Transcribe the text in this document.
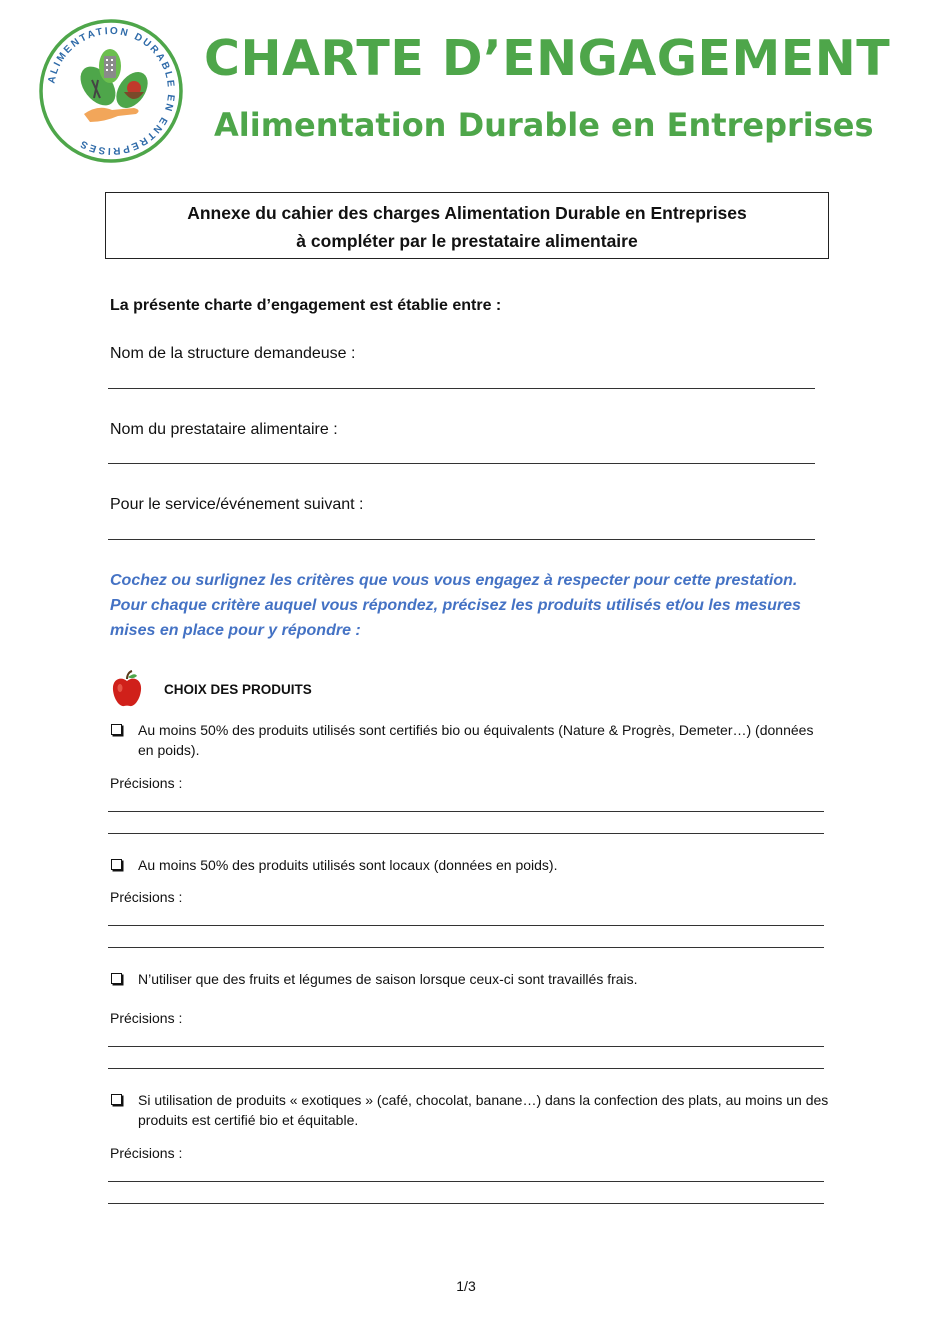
ALIMENTATION DURABLE EN ENTREPRISES
CHARTE D’ENGAGEMENT
Alimentation Durable en Entreprises
Annexe du cahier des charges Alimentation Durable en Entreprises
à compléter par le prestataire alimentaire
La présente charte d’engagement est établie entre :
Nom de la structure demandeuse :
Nom du prestataire alimentaire :
Pour le service/événement suivant :
Cochez ou surlignez les critères que vous vous engagez à respecter pour cette prestation. Pour chaque critère auquel vous répondez, précisez les produits utilisés et/ou les mesures mises en place pour y répondre :
CHOIX DES PRODUITS
Au moins 50% des produits utilisés sont certifiés bio ou équivalents (Nature & Progrès, Demeter…) (données en poids).
Précisions :
Au moins 50% des produits utilisés sont locaux (données en poids).
Précisions :
N’utiliser que des fruits et légumes de saison lorsque ceux-ci sont travaillés frais.
Précisions :
Si utilisation de produits « exotiques » (café, chocolat, banane…) dans la confection des plats, au moins un des produits est certifié bio et équitable.
Précisions :
1/3
